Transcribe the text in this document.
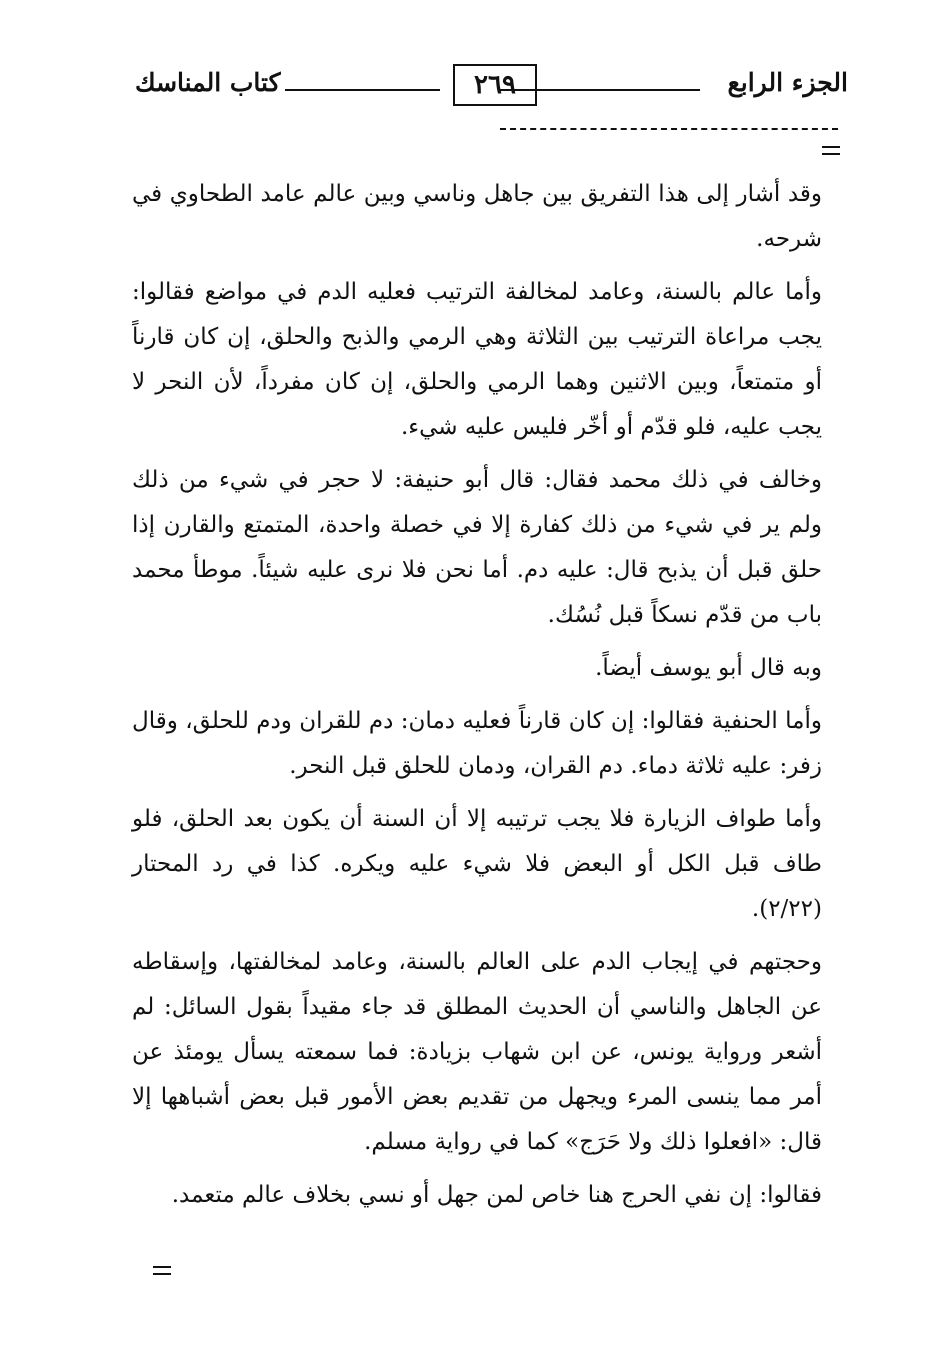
الجزء الرابع
٢٦٩
كتاب المناسك

وقد أشار إلى هذا التفريق بين جاهل وناسي وبين عالم عامد الطحاوي في شرحه.

وأما عالم بالسنة، وعامد لمخالفة الترتيب فعليه الدم في مواضع فقالوا: يجب مراعاة الترتيب بين الثلاثة وهي الرمي والذبح والحلق، إن كان قارناً أو متمتعاً، وبين الاثنين وهما الرمي والحلق، إن كان مفرداً، لأن النحر لا يجب عليه، فلو قدّم أو أخّر فليس عليه شيء.

وخالف في ذلك محمد فقال: قال أبو حنيفة: لا حجر في شيء من ذلك ولم ير في شيء من ذلك كفارة إلا في خصلة واحدة، المتمتع والقارن إذا حلق قبل أن يذبح قال: عليه دم. أما نحن فلا نرى عليه شيئاً. موطأ محمد باب من قدّم نسكاً قبل نُسُك.

وبه قال أبو يوسف أيضاً.

وأما الحنفية فقالوا: إن كان قارناً فعليه دمان: دم للقران ودم للحلق، وقال زفر: عليه ثلاثة دماء. دم القران، ودمان للحلق قبل النحر.

وأما طواف الزيارة فلا يجب ترتيبه إلا أن السنة أن يكون بعد الحلق، فلو طاف قبل الكل أو البعض فلا شيء عليه ويكره. كذا في رد المحتار (٢/٢٢).

وحجتهم في إيجاب الدم على العالم بالسنة، وعامد لمخالفتها، وإسقاطه عن الجاهل والناسي أن الحديث المطلق قد جاء مقيداً بقول السائل: لم أشعر ورواية يونس، عن ابن شهاب بزيادة: فما سمعته يسأل يومئذ عن أمر مما ينسى المرء ويجهل من تقديم بعض الأمور قبل بعض أشباهها إلا قال: «افعلوا ذلك ولا حَرَج» كما في رواية مسلم.

فقالوا: إن نفي الحرج هنا خاص لمن جهل أو نسي بخلاف عالم متعمد.
